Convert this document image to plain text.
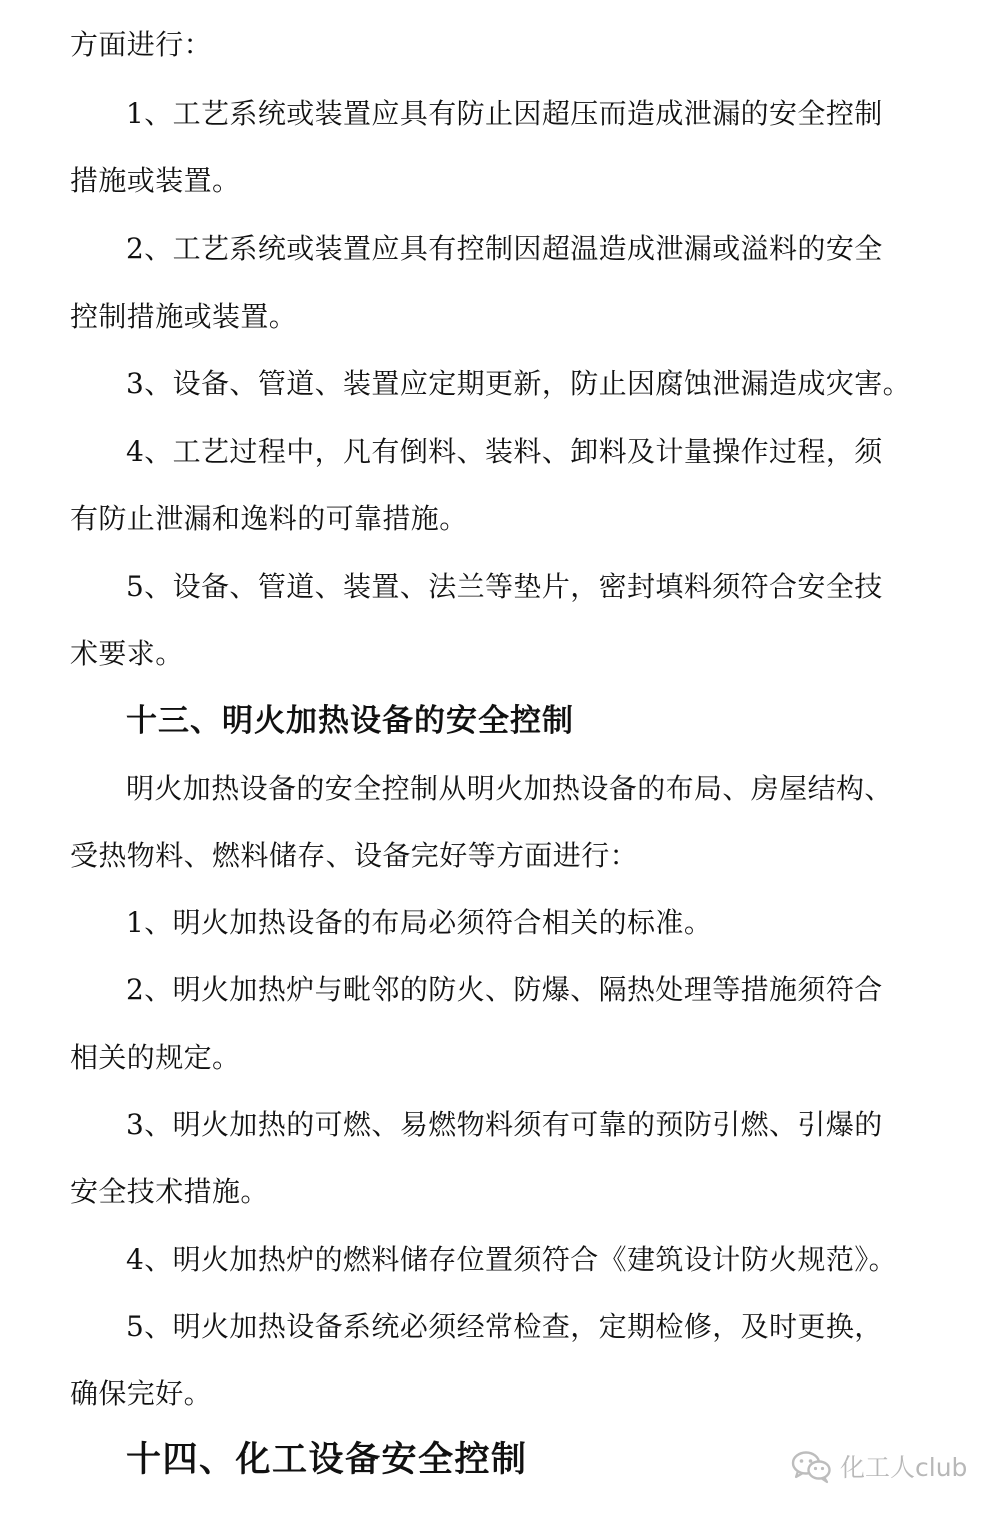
方面进行：
1、工艺系统或装置应具有防止因超压而造成泄漏的安全控制
措施或装置。
2、工艺系统或装置应具有控制因超温造成泄漏或溢料的安全
控制措施或装置。
3、设备、管道、装置应定期更新，防止因腐蚀泄漏造成灾害。
4、工艺过程中，凡有倒料、装料、卸料及计量操作过程，须
有防止泄漏和逸料的可靠措施。
5、设备、管道、装置、法兰等垫片，密封填料须符合安全技
术要求。
十三、明火加热设备的安全控制
明火加热设备的安全控制从明火加热设备的布局、房屋结构、
受热物料、燃料储存、设备完好等方面进行：
1、明火加热设备的布局必须符合相关的标准。
2、明火加热炉与毗邻的防火、防爆、隔热处理等措施须符合
相关的规定。
3、明火加热的可燃、易燃物料须有可靠的预防引燃、引爆的
安全技术措施。
4、明火加热炉的燃料储存位置须符合《建筑设计防火规范》。
5、明火加热设备系统必须经常检查，定期检修，及时更换，
确保完好。
十四、化工设备安全控制	化工人club
